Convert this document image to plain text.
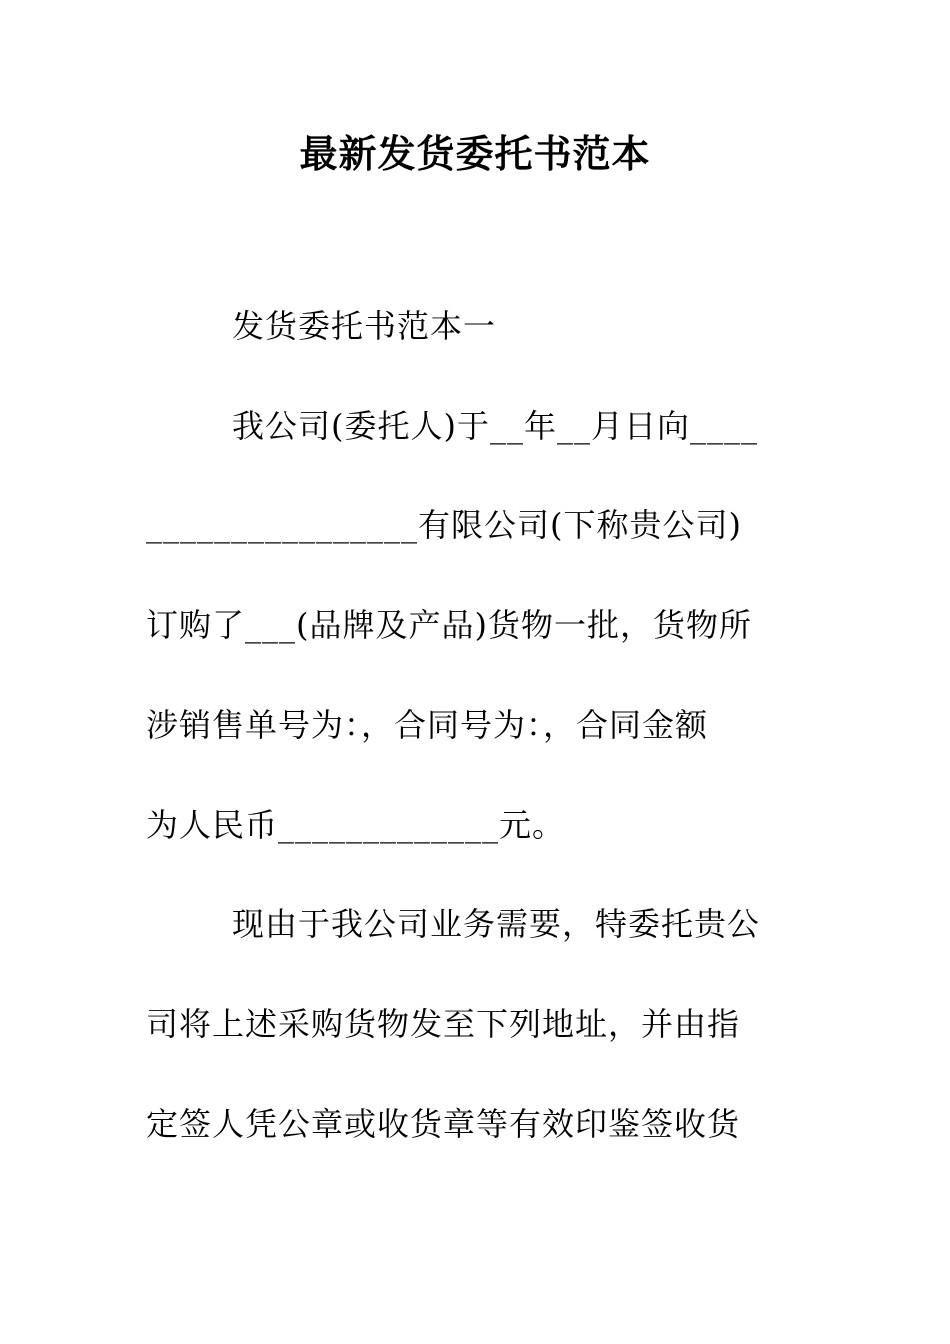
最新发货委托书范本
发货委托书范本一
我公司(委托人)于__年__月日向____
________________有限公司(下称贵公司)
订购了___(品牌及产品)货物一批，货物所
涉销售单号为：，合同号为：，合同金额
为人民币_____________元。
现由于我公司业务需要，特委托贵公
司将上述采购货物发至下列地址，并由指
定签人凭公章或收货章等有效印鉴签收货
